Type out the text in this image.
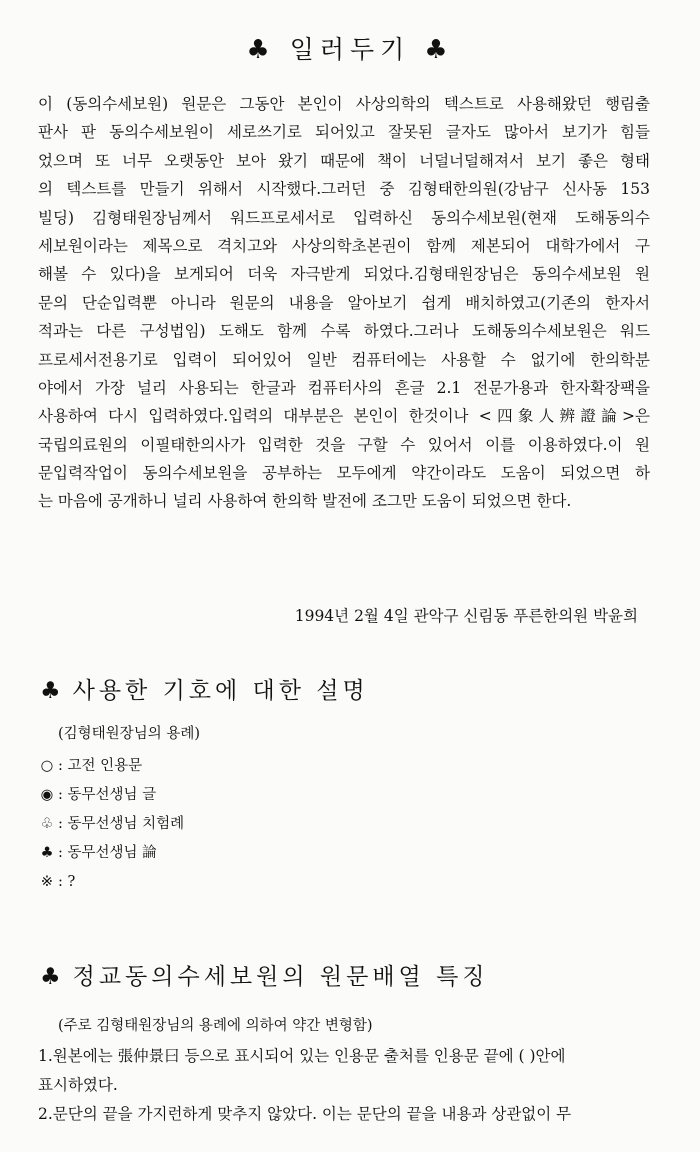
♣ 일러두기 ♣
이 (동의수세보원) 원문은 그동안 본인이 사상의학의 텍스트로 사용해왔던 행림출
판사 판 동의수세보원이 세로쓰기로 되어있고 잘못된 글자도 많아서 보기가 힘들
었으며 또 너무 오랫동안 보아 왔기 때문에 책이 너덜너덜해져서 보기 좋은 형태
의 텍스트를 만들기 위해서 시작했다.그러던 중 김형태한의원(강남구 신사동 153
빌딩) 김형태원장님께서 워드프로세서로 입력하신 동의수세보원(현재 도해동의수
세보원이라는 제목으로 격치고와 사상의학초본권이 함께 제본되어 대학가에서 구
해볼 수 있다)을 보게되어 더욱 자극받게 되었다.김형태원장님은 동의수세보원 원
문의 단순입력뿐 아니라 원문의 내용을 알아보기 쉽게 배치하였고(기존의 한자서
적과는 다른 구성법임) 도해도 함께 수록 하였다.그러나 도해동의수세보원은 워드
프로세서전용기로 입력이 되어있어 일반 컴퓨터에는 사용할 수 없기에 한의학분
야에서 가장 널리 사용되는 한글과 컴퓨터사의 흔글 2.1 전문가용과 한자확장팩을
사용하여 다시 입력하였다.입력의 대부분은 본인이 한것이나 <四象人辨證論>은
국립의료원의 이필태한의사가 입력한 것을 구할 수 있어서 이를 이용하였다.이 원
문입력작업이 동의수세보원을 공부하는 모두에게 약간이라도 도움이 되었으면 하
는 마음에 공개하니 널리 사용하여 한의학 발전에 조그만 도움이 되었으면 한다.
1994년 2월 4일 관악구 신림동 푸른한의원 박윤희
♣ 사용한 기호에 대한 설명
(김형태원장님의 용례)
○ : 고전 인용문
◉ : 동무선생님 글
♧ : 동무선생님 치험례
♣ : 동무선생님 論
※ : ?
♣ 정교동의수세보원의 원문배열 특징
(주로 김형태원장님의 용례에 의하여 약간 변형함)
1.원본에는 張仲景曰 등으로 표시되어 있는 인용문 출처를 인용문 끝에 ( )안에
표시하였다.
2.문단의 끝을 가지런하게 맞추지 않았다. 이는 문단의 끝을 내용과 상관없이 무
